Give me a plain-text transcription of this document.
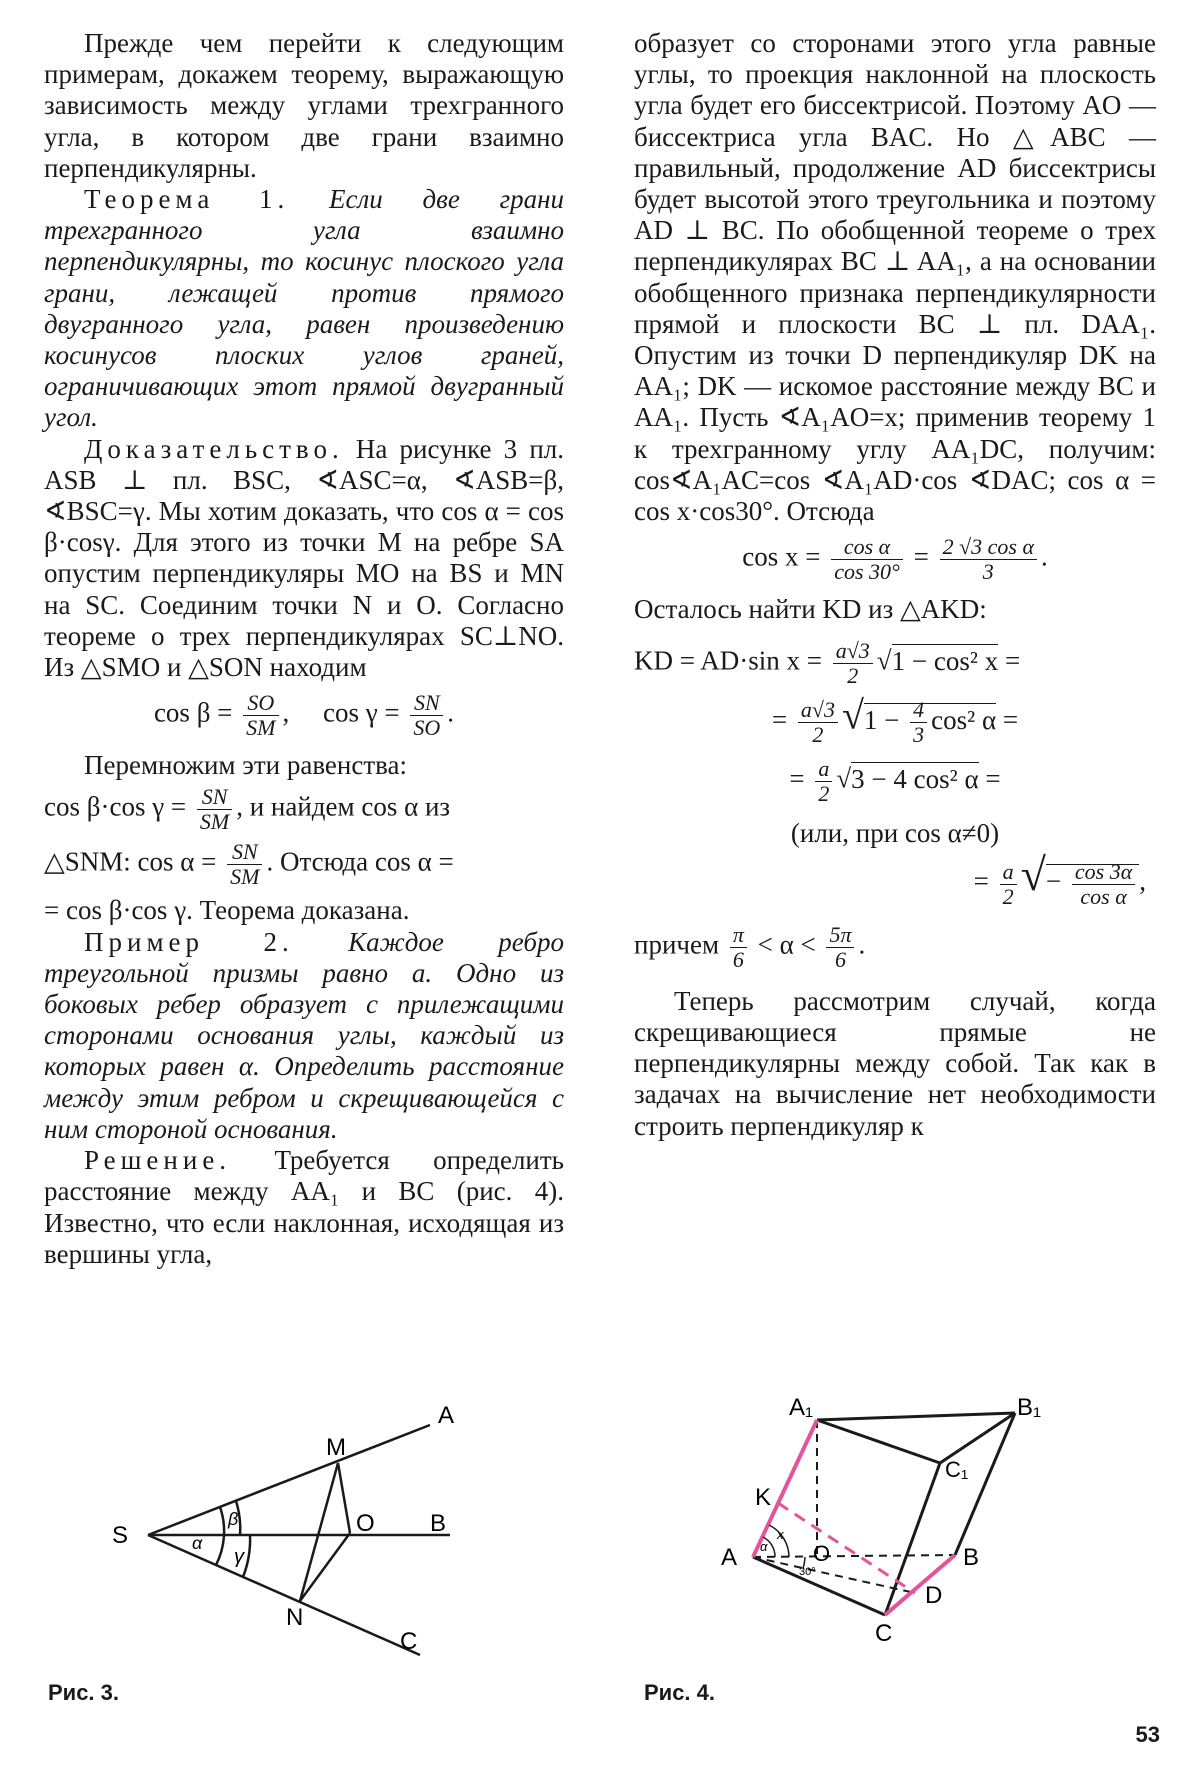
Прежде чем перейти к следующим примерам, докажем теорему, выражающую зависимость между углами трехгранного угла, в котором две грани взаимно перпендикулярны.

Теорема 1. Если две грани трехгранного угла взаимно перпендикулярны, то косинус плоского угла грани, лежащей против прямого двугранного угла, равен произведению косинусов плоских углов граней, ограничивающих этот прямой двугранный угол.

Доказательство. На рисунке 3 пл. ASB ⊥ пл. BSC, ∢ASC=α, ∢ASB=β, ∢BSC=γ. Мы хотим доказать, что cos α = cos β·cosγ. Для этого из точки M на ребре SA опустим перпендикуляры MO на BS и MN на SC. Соединим точки N и O. Согласно теореме о трех перпендикулярах SC⊥NO. Из △SMO и △SON находим

$\cos \beta = \frac{SO}{SM}$ ,     $\cos \gamma = \frac{SN}{SO}$ .

Перемножим эти равенства:

cos β·cos $\gamma = \frac{SN}{SM}$ , и найдем cos α из

△SNM: $\cos \alpha = \frac{SN}{SM}$ . Отсюда cos α =

= cos β·cos γ. Теорема доказана.

Пример 2. Каждое ребро треугольной призмы равно a. Одно из боковых ребер образует с прилежащими сторонами основания углы, каждый из которых равен α. Определить расстояние между этим ребром и скрещивающейся с ним стороной основания.

Решение. Требуется определить расстояние между AA₁ и BC (рис. 4). Известно, что если наклонная, исходящая из вершины угла,

образует со сторонами этого угла равные углы, то проекция наклонной на плоскость угла будет его биссектрисой. Поэтому AO — биссектриса угла BAC. Но △ABC — правильный, продолжение AD биссектрисы будет высотой этого треугольника и поэтому AD ⊥ BC. По обобщенной теореме о трех перпендикулярах BC ⊥ AA₁, а на основании обобщенного признака перпендикулярности прямой и плоскости BC ⊥ пл. DAA₁. Опустим из точки D перпендикуляр DK на AA₁; DK — искомое расстояние между BC и AA₁. Пусть ∢A₁AO=x; применив теорему 1 к трехгранному углу AA₁DC, получим: cos∢A₁AC=cos ∢A₁AD·cos ∢DAC; cos α = cos x·cos30°. Отсюда

$\cos x = \frac{\text{cos α}}{\cos 30^\circ} = \frac{\text{2 √3 cos α}}{3}$ .

Осталось найти KD из △AKD:

KD = AD·sin $x = \frac{a√3}{2} √1 - \cos^2$ x =
= $\frac{a√3}{2} √1 - \frac{4}{3} \cos^2$ α =
= $\frac{a}{2} √3 - 4$ cos² α =
(или, при cos α≠0)
= $\frac{a}{2}$ √− $\frac{\cos 3\alpha}{\text{cos α}}$ ,
причем $\frac{\pi}{6} < \alpha < \frac{5\pi}{6}$ .

Теперь рассмотрим случай, когда скрещивающиеся прямые не перпендикулярны между собой. Так как в задачах на вычисление нет необходимости строить перпендикуляр к

A
M
S	O B
N
C
α
β
γ
Рис. 3.
A₁	B₁
C₁
K
A	O	B
D
C
x
α
30°
Рис. 4.
53
